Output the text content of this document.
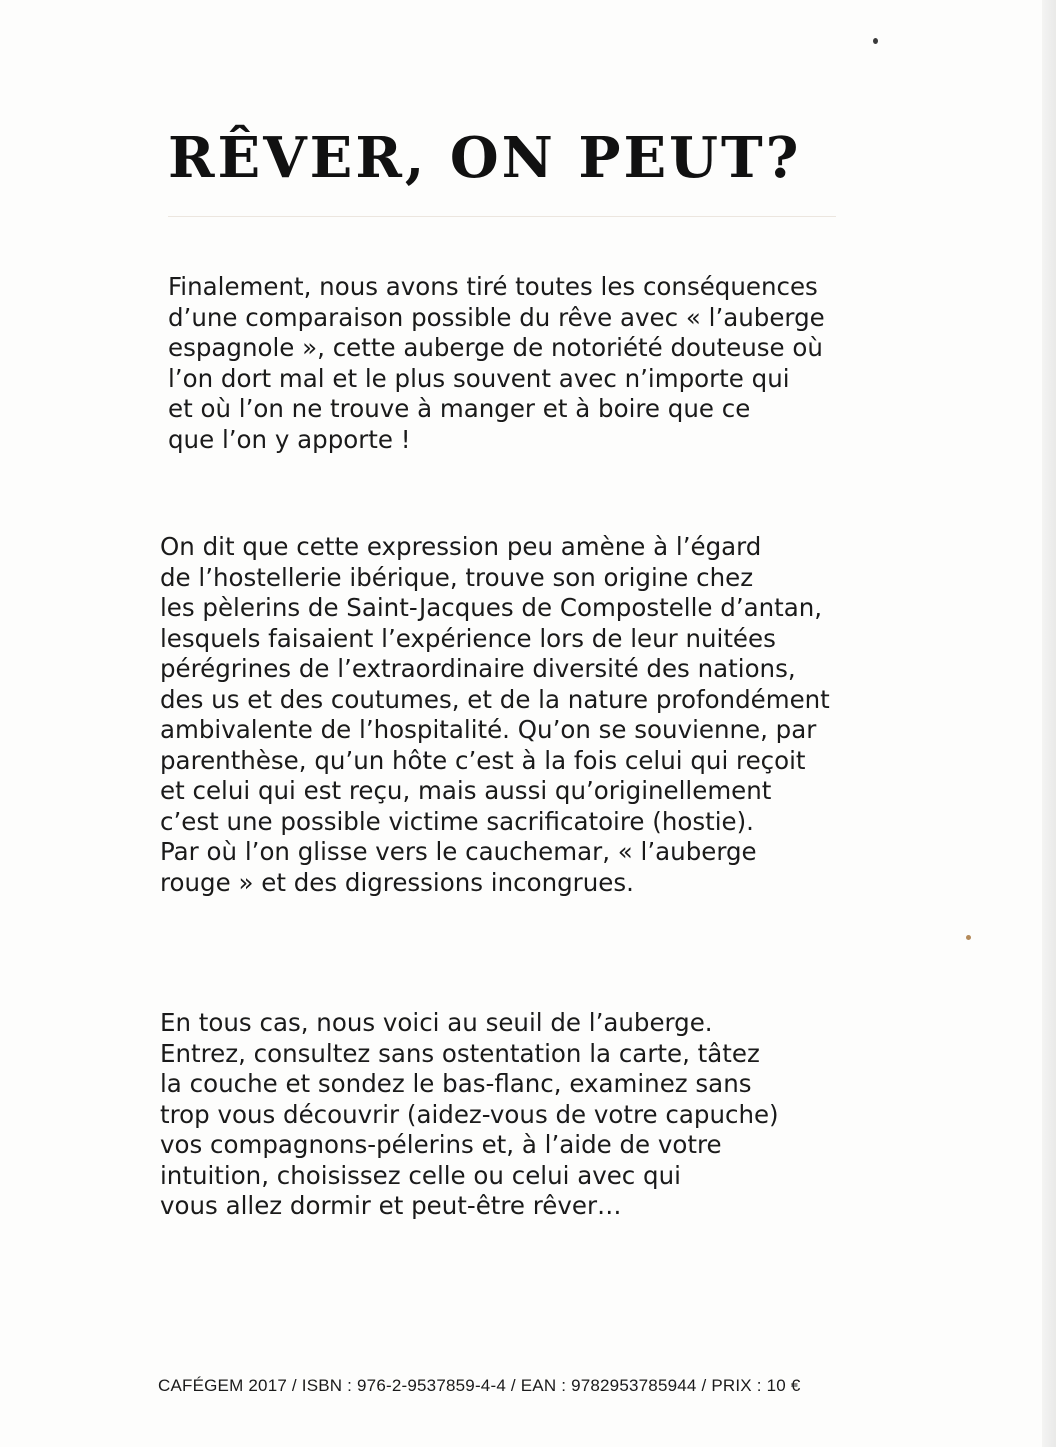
RÊVER, ON PEUT?

Finalement, nous avons tiré toutes les conséquences
d’une comparaison possible du rêve avec « l’auberge
espagnole », cette auberge de notoriété douteuse où
l’on dort mal et le plus souvent avec n’importe qui
et où l’on ne trouve à manger et à boire que ce
que l’on y apporte !

On dit que cette expression peu amène à l’égard
de l’hostellerie ibérique, trouve son origine chez
les pèlerins de Saint-Jacques de Compostelle d’antan,
lesquels faisaient l’expérience lors de leur nuitées
pérégrines de l’extraordinaire diversité des nations,
des us et des coutumes, et de la nature profondément
ambivalente de l’hospitalité. Qu’on se souvienne, par
parenthèse, qu’un hôte c’est à la fois celui qui reçoit
et celui qui est reçu, mais aussi qu’originellement
c’est une possible victime sacrificatoire (hostie).
Par où l’on glisse vers le cauchemar, « l’auberge
rouge » et des digressions incongrues.

En tous cas, nous voici au seuil de l’auberge.
Entrez, consultez sans ostentation la carte, tâtez
la couche et sondez le bas-flanc, examinez sans
trop vous découvrir (aidez-vous de votre capuche)
vos compagnons-pélerins et, à l’aide de votre
intuition, choisissez celle ou celui avec qui
vous allez dormir et peut-être rêver…

CAFÉGEM 2017 / ISBN : 976-2-9537859-4-4 / EAN : 9782953785944 / PRIX : 10 €
